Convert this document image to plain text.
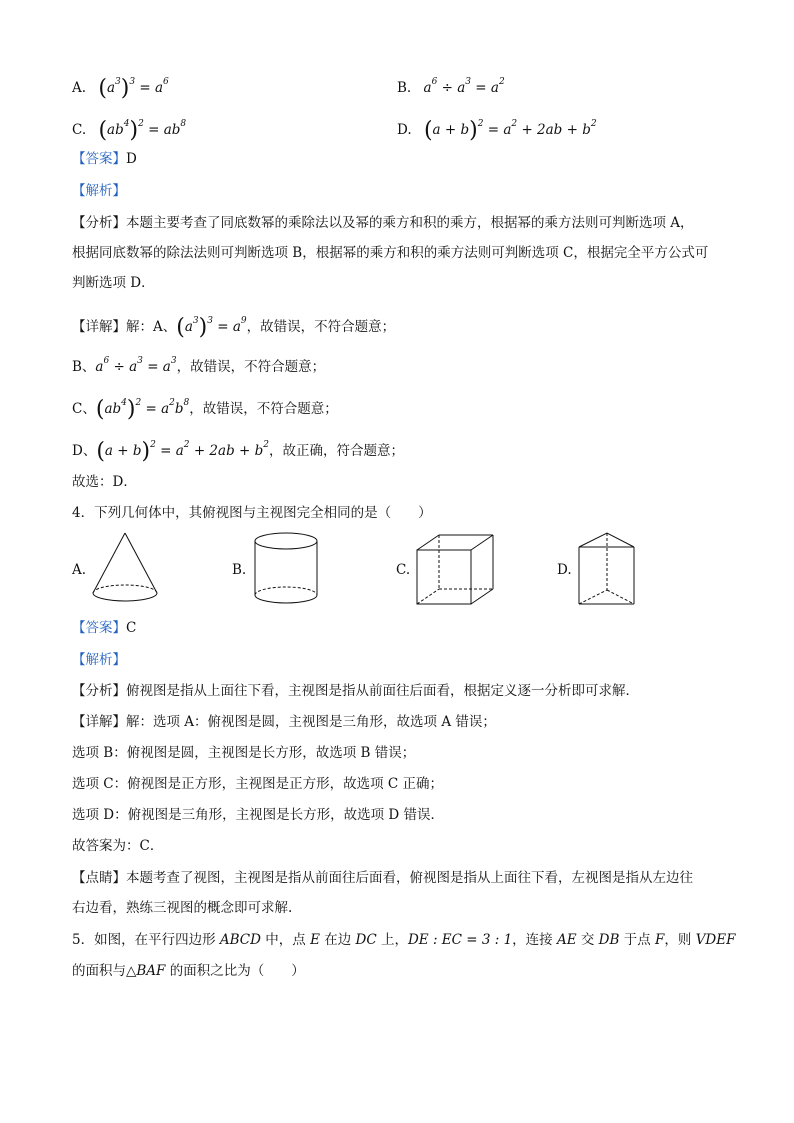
A. $(a^3)^3 = a^6$	B. $a^6 \div a^3 = a^2$
C. $(ab^4)^2 = ab^8$	D. $(a + b)^2 = a^2 + 2ab + b^2$
【答案】D
【解析】
【分析】本题主要考查了同底数幂的乘除法以及幂的乘方和积的乘方，根据幂的乘方法则可判断选项 A，
根据同底数幂的除法法则可判断选项 B，根据幂的乘方和积的乘方法则可判断选项 C，根据完全平方公式可
判断选项 D．
【详解】解：A、$(a^3)^3 = a^9$，故错误，不符合题意；
B、$a^6 \div a^3 = a^3$，故错误，不符合题意；
C、$(ab^4)^2 = a^2b^8$，故错误，不符合题意；
D、$(a + b)^2 = a^2 + 2ab + b^2$，故正确，符合题意；
故选：D．
4．下列几何体中，其俯视图与主视图完全相同的是（　　）
A.	B.	C.	D.
【答案】C
【解析】
【分析】俯视图是指从上面往下看，主视图是指从前面往后面看，根据定义逐一分析即可求解．
【详解】解：选项 A：俯视图是圆，主视图是三角形，故选项 A 错误；
选项 B：俯视图是圆，主视图是长方形，故选项 B 错误；
选项 C：俯视图是正方形，主视图是正方形，故选项 C 正确；
选项 D：俯视图是三角形，主视图是长方形，故选项 D 错误．
故答案为：C．
【点睛】本题考查了视图，主视图是指从前面往后面看，俯视图是指从上面往下看，左视图是指从左边往
右边看，熟练三视图的概念即可求解.
5．如图，在平行四边形 ABCD 中，点 E 在边 DC 上，DE : EC = 3 : 1，连接 AE 交 DB 于点 F，则 VDEF
的面积与△BAF 的面积之比为（　　）
